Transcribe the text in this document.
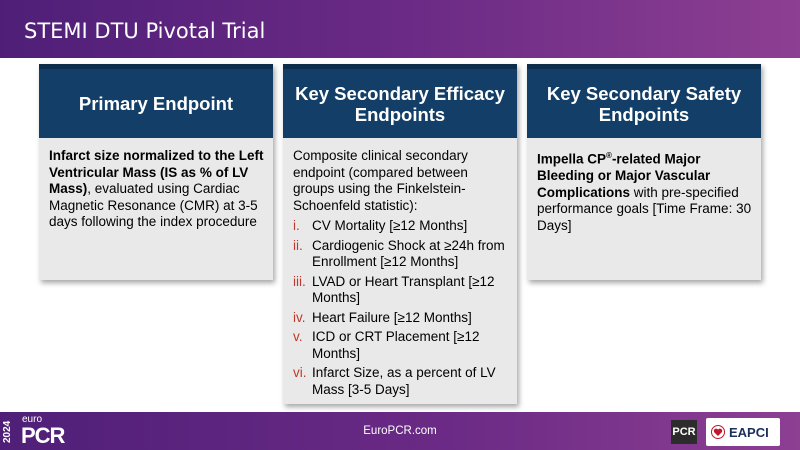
STEMI DTU Pivotal Trial
Primary Endpoint
Infarct size normalized to the Left Ventricular Mass (IS as % of LV Mass), evaluated using Cardiac Magnetic Resonance (CMR) at 3-5 days following the index procedure
Key Secondary Efficacy Endpoints
Composite clinical secondary endpoint (compared between groups using the Finkelstein-Schoenfeld statistic):
i. CV Mortality [≥12 Months]
ii. Cardiogenic Shock at ≥24h from Enrollment [≥12 Months]
iii. LVAD or Heart Transplant [≥12 Months]
iv. Heart Failure [≥12 Months]
v. ICD or CRT Placement [≥12 Months]
vi. Infarct Size, as a percent of LV Mass [3-5 Days]
Key Secondary Safety Endpoints
Impella CP®-related Major Bleeding or Major Vascular Complications with pre-specified performance goals [Time Frame: 30 Days]
2024
euro
PCR	EuroPCR.com	PCR	EAPCI
